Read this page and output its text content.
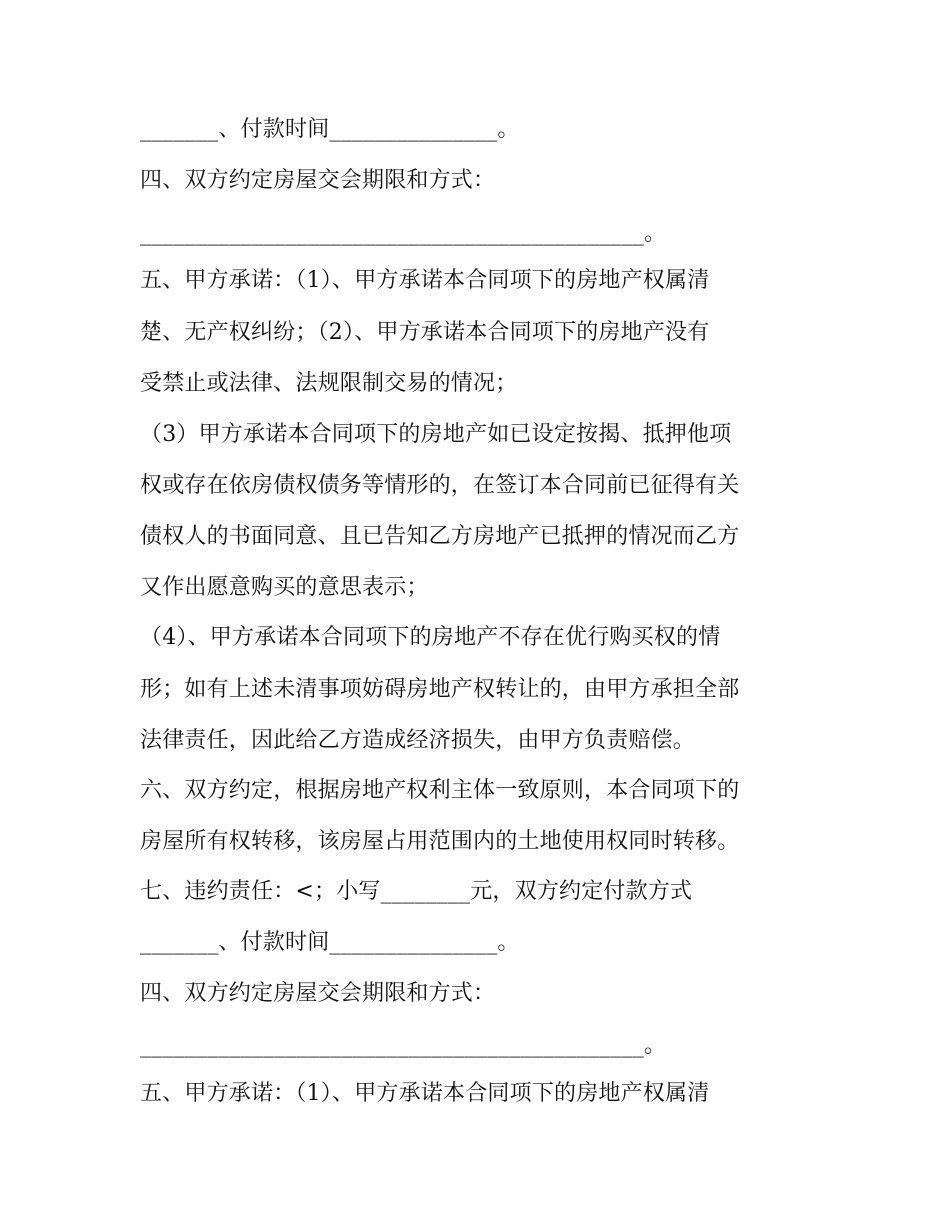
_______、付款时间_______________。
四、双方约定房屋交会期限和方式：
_____________________________________________。
五、甲方承诺：（1）、甲方承诺本合同项下的房地产权属清
楚、无产权纠纷；（2）、甲方承诺本合同项下的房地产没有
受禁止或法律、法规限制交易的情况；
（3）甲方承诺本合同项下的房地产如已设定按揭、抵押他项
权或存在依房债权债务等情形的，在签订本合同前已征得有关
债权人的书面同意、且已告知乙方房地产已抵押的情况而乙方
又作出愿意购买的意思表示；
（4）、甲方承诺本合同项下的房地产不存在优行购买权的情
形；如有上述未清事项妨碍房地产权转让的，由甲方承担全部
法律责任，因此给乙方造成经济损失，由甲方负责赔偿。
六、双方约定，根据房地产权利主体一致原则，本合同项下的
房屋所有权转移，该房屋占用范围内的土地使用权同时转移。
七、违约责任：<；小写________元，双方约定付款方式
_______、付款时间_______________。
四、双方约定房屋交会期限和方式：
_____________________________________________。
五、甲方承诺：（1）、甲方承诺本合同项下的房地产权属清
